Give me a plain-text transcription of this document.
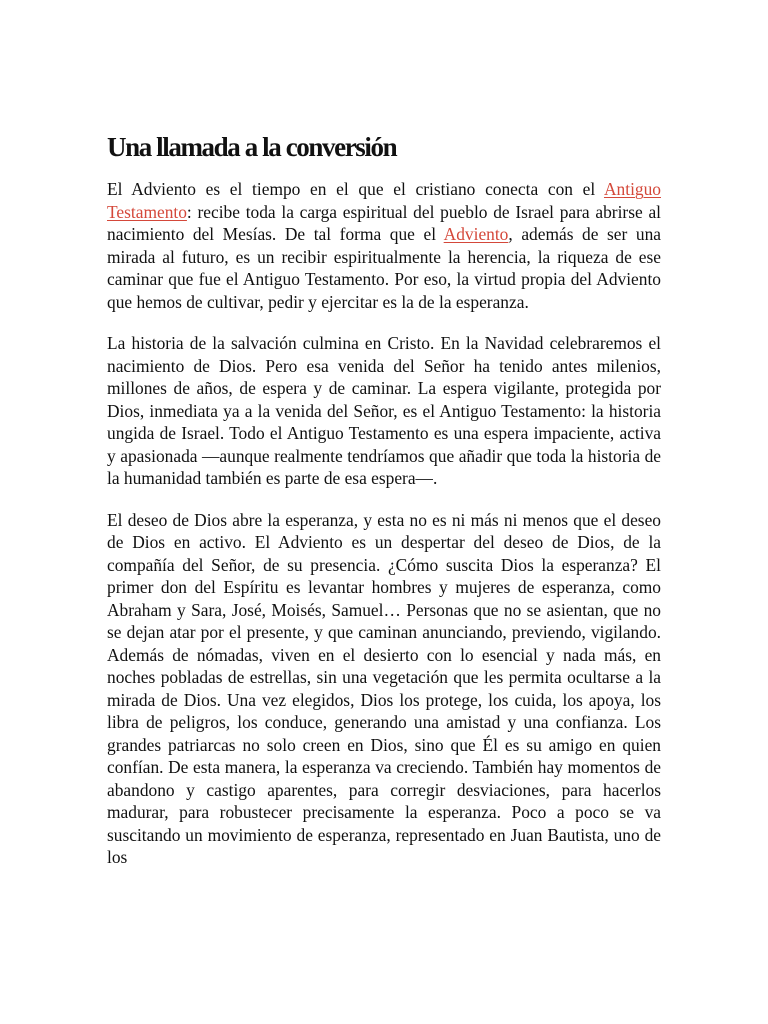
Una llamada a la conversión

El Adviento es el tiempo en el que el cristiano conecta con el Antiguo Testamento: recibe toda la carga espiritual del pueblo de Israel para abrirse al nacimiento del Mesías. De tal forma que el Adviento, además de ser una mirada al futuro, es un recibir espiritualmente la herencia, la riqueza de ese caminar que fue el Antiguo Testamento. Por eso, la virtud propia del Adviento que hemos de cultivar, pedir y ejercitar es la de la esperanza.

La historia de la salvación culmina en Cristo. En la Navidad celebraremos el nacimiento de Dios. Pero esa venida del Señor ha tenido antes milenios, millones de años, de espera y de caminar. La espera vigilante, protegida por Dios, inmediata ya a la venida del Señor, es el Antiguo Testamento: la historia ungida de Israel. Todo el Antiguo Testamento es una espera impaciente, activa y apasionada —aunque realmente tendríamos que añadir que toda la historia de la humanidad también es parte de esa espera—.

El deseo de Dios abre la esperanza, y esta no es ni más ni menos que el deseo de Dios en activo. El Adviento es un despertar del deseo de Dios, de la compañía del Señor, de su presencia. ¿Cómo suscita Dios la esperanza? El primer don del Espíritu es levantar hombres y mujeres de esperanza, como Abraham y Sara, José, Moisés, Samuel… Personas que no se asientan, que no se dejan atar por el presente, y que caminan anunciando, previendo, vigilando. Además de nómadas, viven en el desierto con lo esencial y nada más, en noches pobladas de estrellas, sin una vegetación que les permita ocultarse a la mirada de Dios. Una vez elegidos, Dios los protege, los cuida, los apoya, los libra de peligros, los conduce, generando una amistad y una confianza. Los grandes patriarcas no solo creen en Dios, sino que Él es su amigo en quien confían. De esta manera, la esperanza va creciendo. También hay momentos de abandono y castigo aparentes, para corregir desviaciones, para hacerlos madurar, para robustecer precisamente la esperanza. Poco a poco se va suscitando un movimiento de esperanza, representado en Juan Bautista, uno de los
